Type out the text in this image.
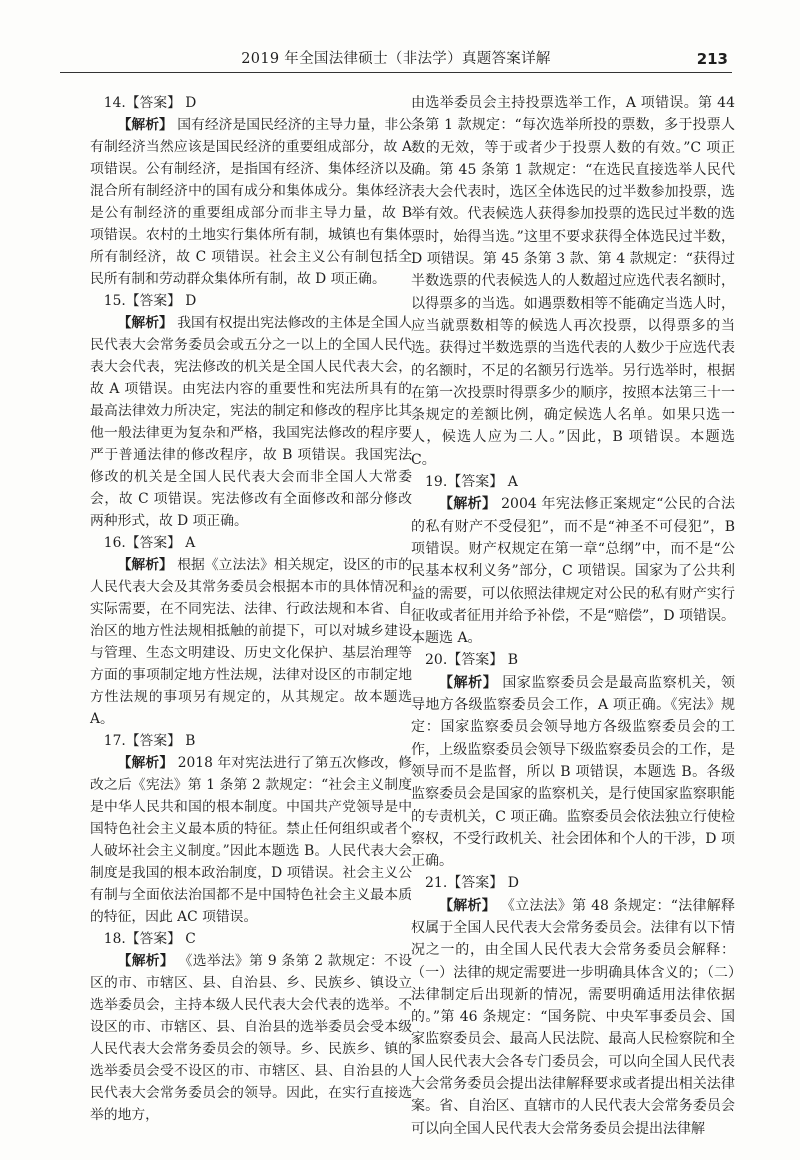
2019 年全国法律硕士（非法学）真题答案详解	213

14.【答案】 D

【解析】 国有经济是国民经济的主导力量，非公有制经济当然应该是国民经济的重要组成部分，故 A 项错误。公有制经济，是指国有经济、集体经济以及混合所有制经济中的国有成分和集体成分。集体经济是公有制经济的重要组成部分而非主导力量，故 B 项错误。农村的土地实行集体所有制，城镇也有集体所有制经济，故 C 项错误。社会主义公有制包括全民所有制和劳动群众集体所有制，故 D 项正确。

15.【答案】 D

【解析】 我国有权提出宪法修改的主体是全国人民代表大会常务委员会或五分之一以上的全国人民代表大会代表，宪法修改的机关是全国人民代表大会，故 A 项错误。由宪法内容的重要性和宪法所具有的最高法律效力所决定，宪法的制定和修改的程序比其他一般法律更为复杂和严格，我国宪法修改的程序要严于普通法律的修改程序，故 B 项错误。我国宪法修改的机关是全国人民代表大会而非全国人大常委会，故 C 项错误。宪法修改有全面修改和部分修改两种形式，故 D 项正确。

16.【答案】 A

【解析】 根据《立法法》相关规定，设区的市的人民代表大会及其常务委员会根据本市的具体情况和实际需要，在不同宪法、法律、行政法规和本省、自治区的地方性法规相抵触的前提下，可以对城乡建设与管理、生态文明建设、历史文化保护、基层治理等方面的事项制定地方性法规，法律对设区的市制定地方性法规的事项另有规定的，从其规定。故本题选 A。

17.【答案】 B

【解析】 2018 年对宪法进行了第五次修改，修改之后《宪法》第 1 条第 2 款规定：“社会主义制度是中华人民共和国的根本制度。中国共产党领导是中国特色社会主义最本质的特征。禁止任何组织或者个人破坏社会主义制度。”因此本题选 B。人民代表大会制度是我国的根本政治制度，D 项错误。社会主义公有制与全面依法治国都不是中国特色社会主义最本质的特征，因此 AC 项错误。

18.【答案】 C

【解析】 《选举法》第 9 条第 2 款规定：不设区的市、市辖区、县、自治县、乡、民族乡、镇设立选举委员会，主持本级人民代表大会代表的选举。不设区的市、市辖区、县、自治县的选举委员会受本级人民代表大会常务委员会的领导。乡、民族乡、镇的选举委员会受不设区的市、市辖区、县、自治县的人民代表大会常务委员会的领导。因此，在实行直接选举的地方，

由选举委员会主持投票选举工作，A 项错误。第 44 条第 1 款规定：“每次选举所投的票数，多于投票人数的无效，等于或者少于投票人数的有效。”C 项正确。第 45 条第 1 款规定：“在选民直接选举人民代表大会代表时，选区全体选民的过半数参加投票，选举有效。代表候选人获得参加投票的选民过半数的选票时，始得当选。”这里不要求获得全体选民过半数，D 项错误。第 45 条第 3 款、第 4 款规定：“获得过半数选票的代表候选人的人数超过应选代表名额时，以得票多的当选。如遇票数相等不能确定当选人时，应当就票数相等的候选人再次投票，以得票多的当选。获得过半数选票的当选代表的人数少于应选代表的名额时，不足的名额另行选举。另行选举时，根据在第一次投票时得票多少的顺序，按照本法第三十一条规定的差额比例，确定候选人名单。如果只选一人，候选人应为二人。”因此，B 项错误。本题选 C。

19.【答案】 A

【解析】 2004 年宪法修正案规定“公民的合法的私有财产不受侵犯”，而不是“神圣不可侵犯”，B 项错误。财产权规定在第一章“总纲”中，而不是“公民基本权利义务”部分，C 项错误。国家为了公共利益的需要，可以依照法律规定对公民的私有财产实行征收或者征用并给予补偿，不是“赔偿”，D 项错误。本题选 A。

20.【答案】 B

【解析】 国家监察委员会是最高监察机关，领导地方各级监察委员会工作，A 项正确。《宪法》规定：国家监察委员会领导地方各级监察委员会的工作，上级监察委员会领导下级监察委员会的工作，是领导而不是监督，所以 B 项错误，本题选 B。各级监察委员会是国家的监察机关，是行使国家监察职能的专责机关，C 项正确。监察委员会依法独立行使检察权，不受行政机关、社会团体和个人的干涉，D 项正确。

21.【答案】 D

【解析】 《立法法》第 48 条规定：“法律解释权属于全国人民代表大会常务委员会。法律有以下情况之一的，由全国人民代表大会常务委员会解释：（一）法律的规定需要进一步明确具体含义的；（二）法律制定后出现新的情况，需要明确适用法律依据的。”第 46 条规定：“国务院、中央军事委员会、国家监察委员会、最高人民法院、最高人民检察院和全国人民代表大会各专门委员会，可以向全国人民代表大会常务委员会提出法律解释要求或者提出相关法律案。省、自治区、直辖市的人民代表大会常务委员会可以向全国人民代表大会常务委员会提出法律解
